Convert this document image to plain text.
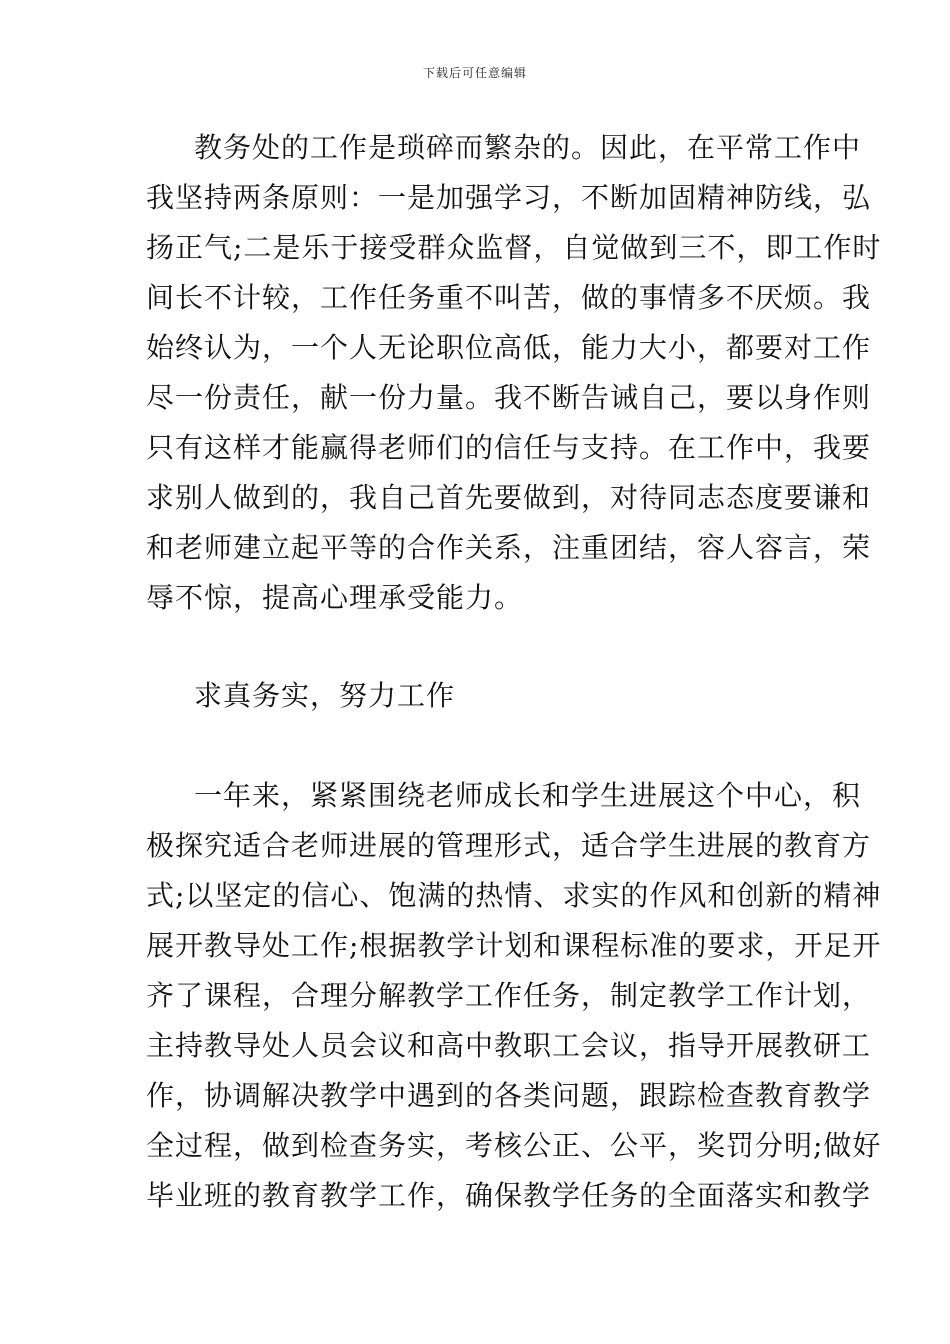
下载后可任意编辑
教务处的工作是琐碎而繁杂的。因此，在平常工作中
我坚持两条原则：一是加强学习，不断加固精神防线，弘
扬正气;二是乐于接受群众监督，自觉做到三不，即工作时
间长不计较，工作任务重不叫苦，做的事情多不厌烦。我
始终认为，一个人无论职位高低，能力大小，都要对工作
尽一份责任，献一份力量。我不断告诫自己，要以身作则
只有这样才能赢得老师们的信任与支持。在工作中，我要
求别人做到的，我自己首先要做到，对待同志态度要谦和
和老师建立起平等的合作关系，注重团结，容人容言，荣
辱不惊，提高心理承受能力。
求真务实，努力工作
一年来，紧紧围绕老师成长和学生进展这个中心，积
极探究适合老师进展的管理形式，适合学生进展的教育方
式;以坚定的信心、饱满的热情、求实的作风和创新的精神
展开教导处工作;根据教学计划和课程标准的要求，开足开
齐了课程，合理分解教学工作任务，制定教学工作计划，
主持教导处人员会议和高中教职工会议，指导开展教研工
作，协调解决教学中遇到的各类问题，跟踪检查教育教学
全过程，做到检查务实，考核公正、公平，奖罚分明;做好
毕业班的教育教学工作，确保教学任务的全面落实和教学
